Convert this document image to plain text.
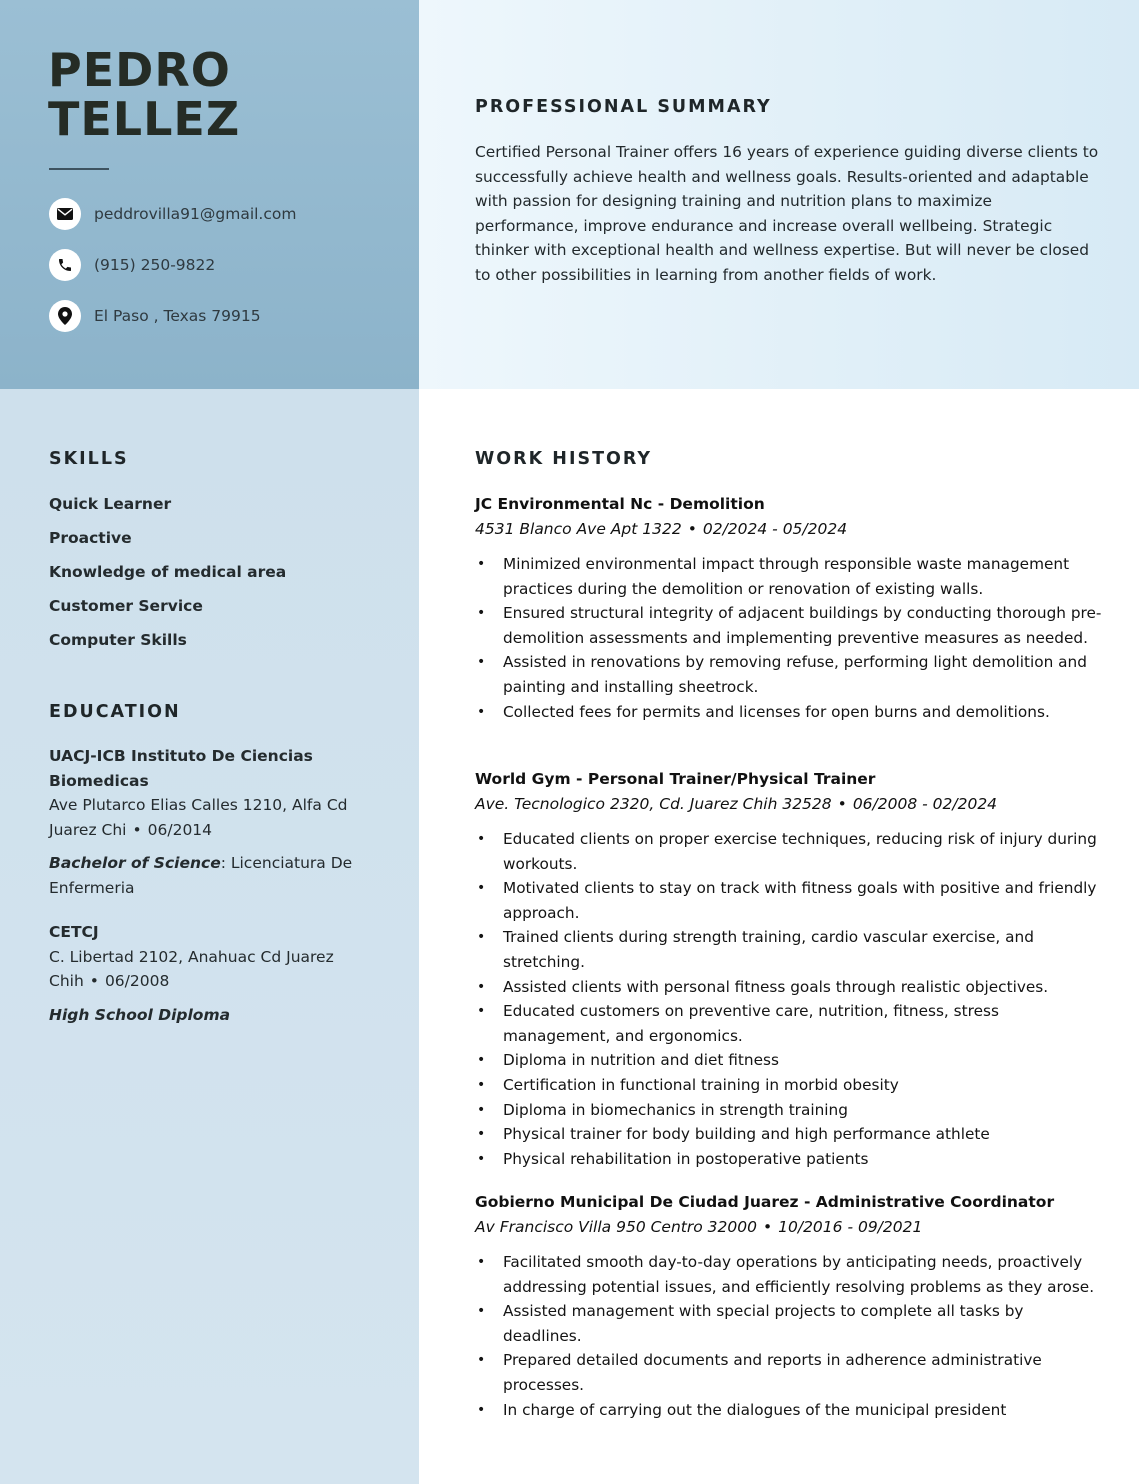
PEDRO
TELLEZ
peddrovilla91@gmail.com
(915) 250-9822
El Paso , Texas 79915
PROFESSIONAL SUMMARY

Certified Personal Trainer offers 16 years of experience guiding diverse clients to successfully achieve health and wellness goals. Results-oriented and adaptable with passion for designing training and nutrition plans to maximize performance, improve endurance and increase overall wellbeing. Strategic thinker with exceptional health and wellness expertise. But will never be closed to other possibilities in learning from another fields of work.

SKILLS
Quick Learner
Proactive
Knowledge of medical area
Customer Service
Computer Skills
EDUCATION
UACJ-ICB Instituto De Ciencias Biomedicas
Ave Plutarco Elias Calles 1210, Alfa Cd Juarez Chi • 06/2014
Bachelor of Science: Licenciatura De Enfermeria
CETCJ
C. Libertad 2102, Anahuac Cd Juarez Chih • 06/2008
High School Diploma
WORK HISTORY
JC Environmental Nc - Demolition
4531 Blanco Ave Apt 1322 • 02/2024 - 05/2024
• Minimized environmental impact through responsible waste management practices during the demolition or renovation of existing walls.
• Ensured structural integrity of adjacent buildings by conducting thorough pre-demolition assessments and implementing preventive measures as needed.
• Assisted in renovations by removing refuse, performing light demolition and painting and installing sheetrock.
• Collected fees for permits and licenses for open burns and demolitions.
World Gym - Personal Trainer/Physical Trainer
Ave. Tecnologico 2320, Cd. Juarez Chih 32528 • 06/2008 - 02/2024
• Educated clients on proper exercise techniques, reducing risk of injury during workouts.
• Motivated clients to stay on track with fitness goals with positive and friendly approach.
• Trained clients during strength training, cardio vascular exercise, and stretching.
• Assisted clients with personal fitness goals through realistic objectives.
• Educated customers on preventive care, nutrition, fitness, stress management, and ergonomics.
• Diploma in nutrition and diet fitness
• Certification in functional training in morbid obesity
• Diploma in biomechanics in strength training
• Physical trainer for body building and high performance athlete
• Physical rehabilitation in postoperative patients
Gobierno Municipal De Ciudad Juarez - Administrative Coordinator
Av Francisco Villa 950 Centro 32000 • 10/2016 - 09/2021
• Facilitated smooth day-to-day operations by anticipating needs, proactively addressing potential issues, and efficiently resolving problems as they arose.
• Assisted management with special projects to complete all tasks by deadlines.
• Prepared detailed documents and reports in adherence administrative processes.
• In charge of carrying out the dialogues of the municipal president
